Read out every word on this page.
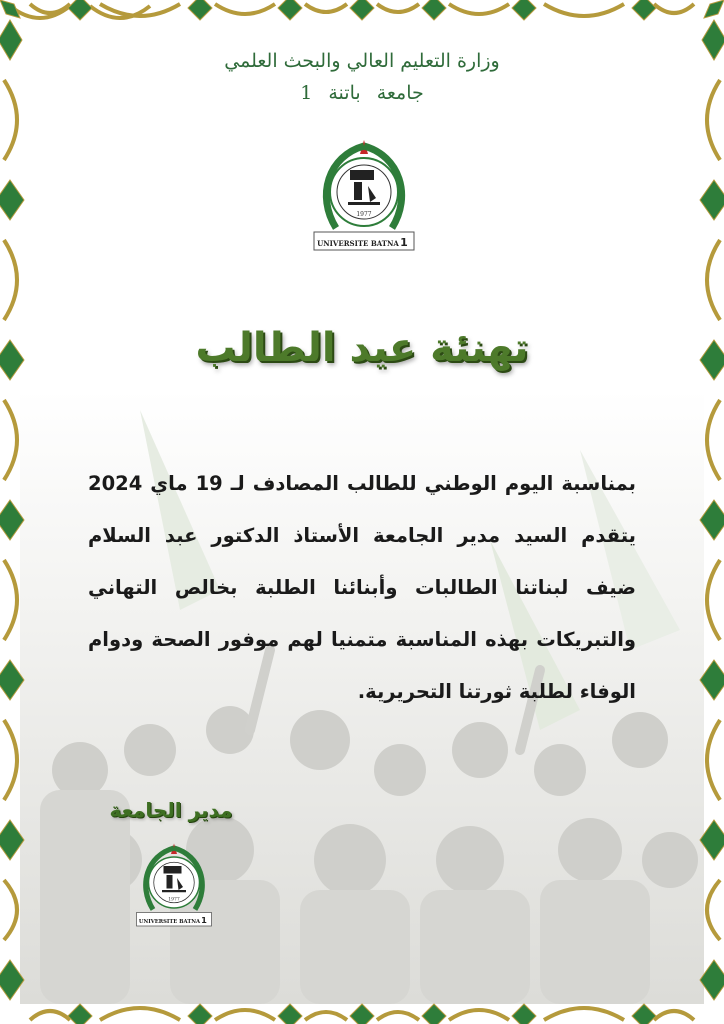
وزارة التعليم العالي والبحث العلمي
جامعة باتنة 1
1977
UNIVERSITE BATNA 1
تهنئة عيد الطالب
بمناسبة اليوم الوطني للطالب المصادف لـ 19 ماي 2024 يتقدم السيد مدير الجامعة الأستاذ الدكتور عبد السلام ضيف لبناتنا الطالبات وأبنائنا الطلبة بخالص التهاني والتبريكات بهذه المناسبة متمنيا لهم موفور الصحة ودوام الوفاء لطلبة ثورتنا التحريرية.
مدير الجامعة
1977
UNIVERSITE BATNA 1
